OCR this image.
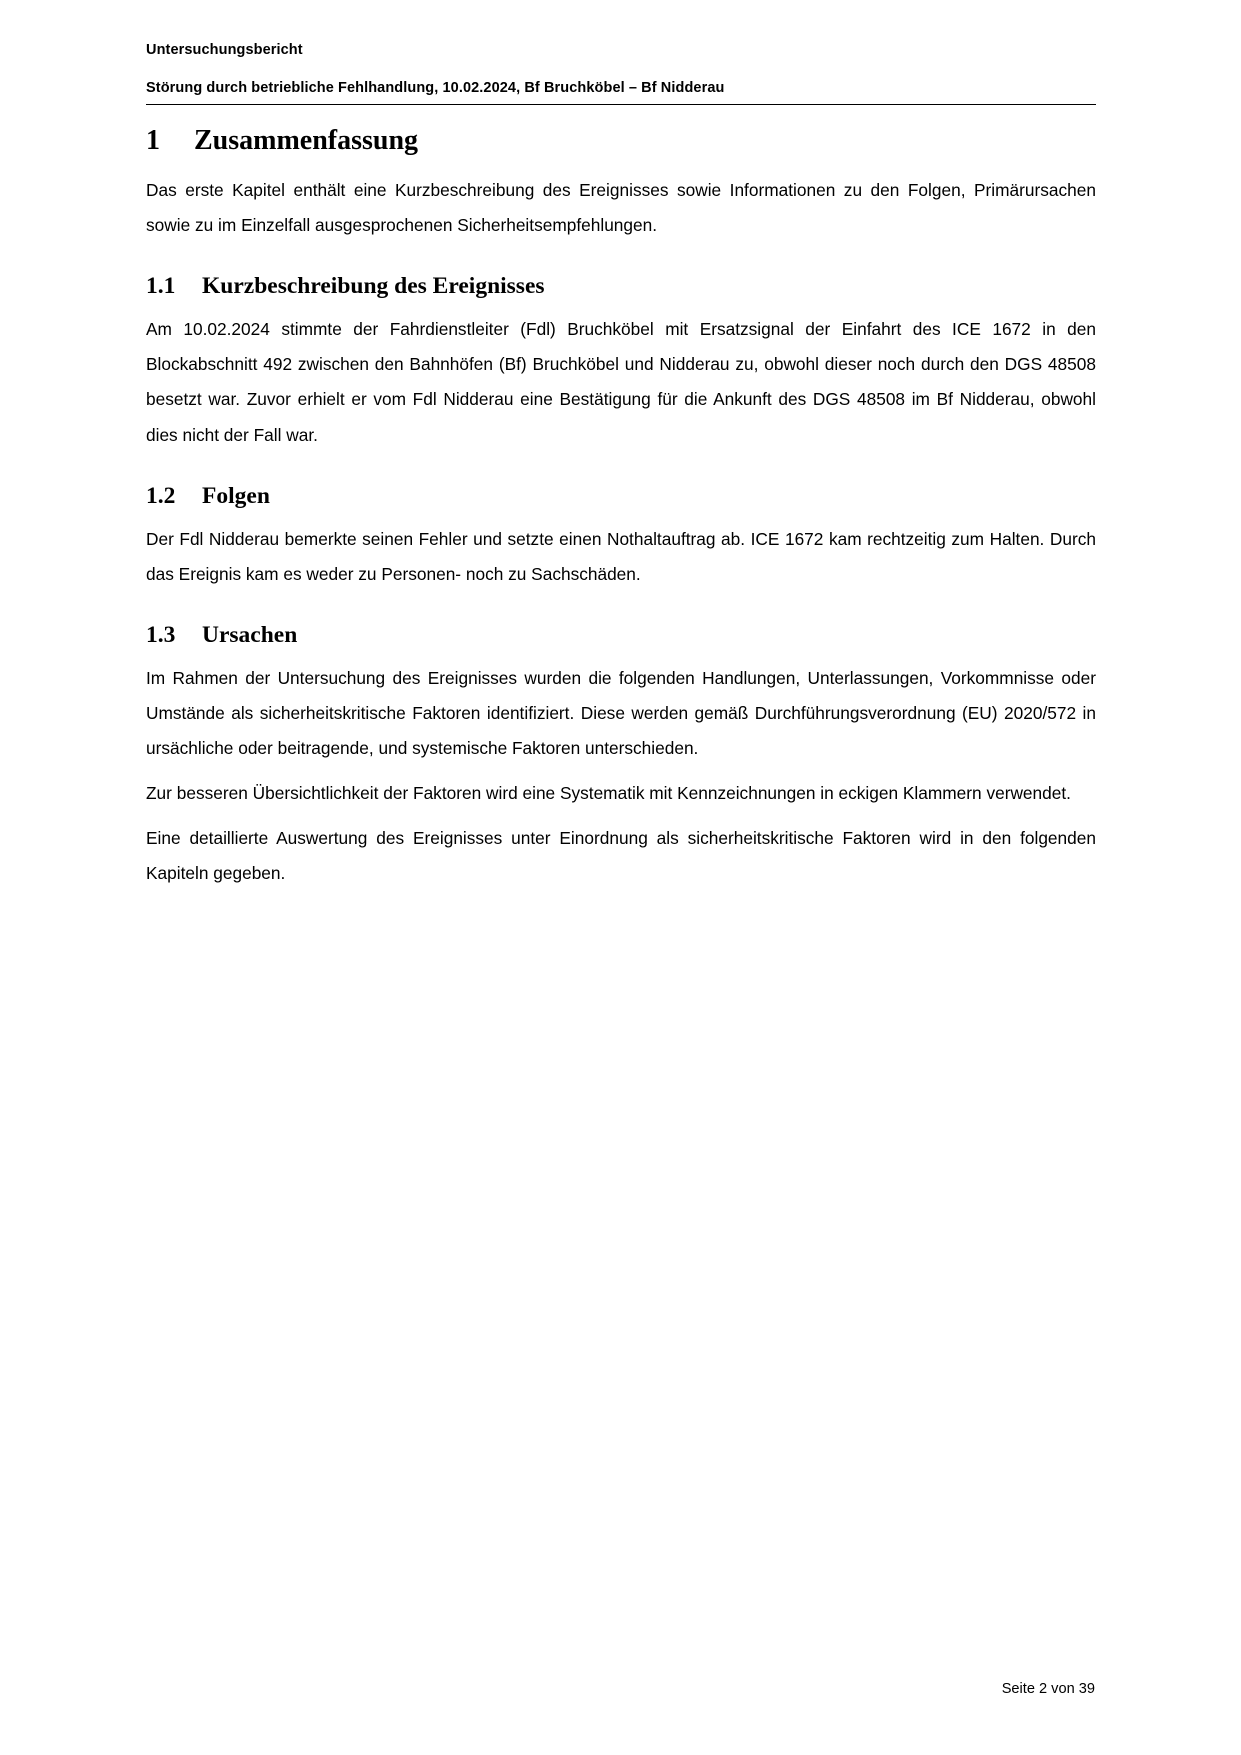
Untersuchungsbericht
Störung durch betriebliche Fehlhandlung, 10.02.2024, Bf Bruchköbel – Bf Nidderau
1	Zusammenfassung

Das erste Kapitel enthält eine Kurzbeschreibung des Ereignisses sowie Informationen zu den Folgen, Primärursachen sowie zu im Einzelfall ausgesprochenen Sicherheitsempfehlungen.

1.1	Kurzbeschreibung des Ereignisses

Am 10.02.2024 stimmte der Fahrdienstleiter (Fdl) Bruchköbel mit Ersatzsignal der Einfahrt des ICE 1672 in den Blockabschnitt 492 zwischen den Bahnhöfen (Bf) Bruchköbel und Nidderau zu, obwohl dieser noch durch den DGS 48508 besetzt war. Zuvor erhielt er vom Fdl Nidderau eine Bestätigung für die Ankunft des DGS 48508 im Bf Nidderau, obwohl dies nicht der Fall war.

1.2	Folgen

Der Fdl Nidderau bemerkte seinen Fehler und setzte einen Nothaltauftrag ab. ICE 1672 kam rechtzeitig zum Halten. Durch das Ereignis kam es weder zu Personen- noch zu Sachschäden.

1.3	Ursachen

Im Rahmen der Untersuchung des Ereignisses wurden die folgenden Handlungen, Unterlassungen, Vorkommnisse oder Umstände als sicherheitskritische Faktoren identifiziert. Diese werden gemäß Durchführungsverordnung (EU) 2020/572 in ursächliche oder beitragende, und systemische Faktoren unterschieden.

Zur besseren Übersichtlichkeit der Faktoren wird eine Systematik mit Kennzeichnungen in eckigen Klammern verwendet.

Eine detaillierte Auswertung des Ereignisses unter Einordnung als sicherheitskritische Faktoren wird in den folgenden Kapiteln gegeben.

Seite 2 von 39
